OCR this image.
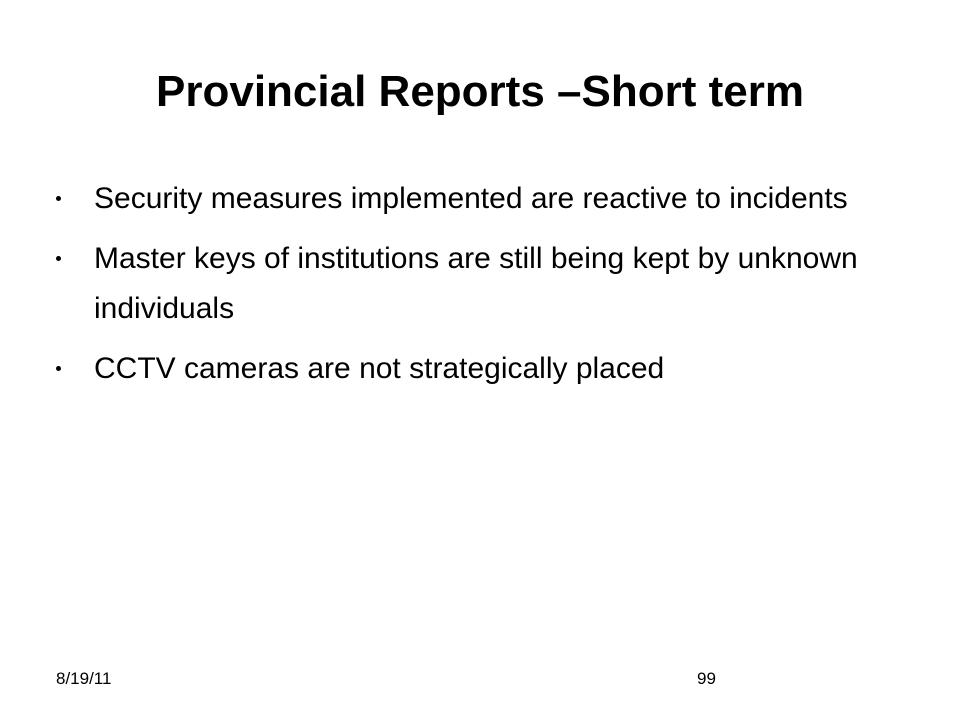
Provincial Reports –Short term
Security measures implemented are reactive to incidents
Master keys of institutions are still being kept by unknown individuals
CCTV cameras are not strategically placed
8/19/11	99
